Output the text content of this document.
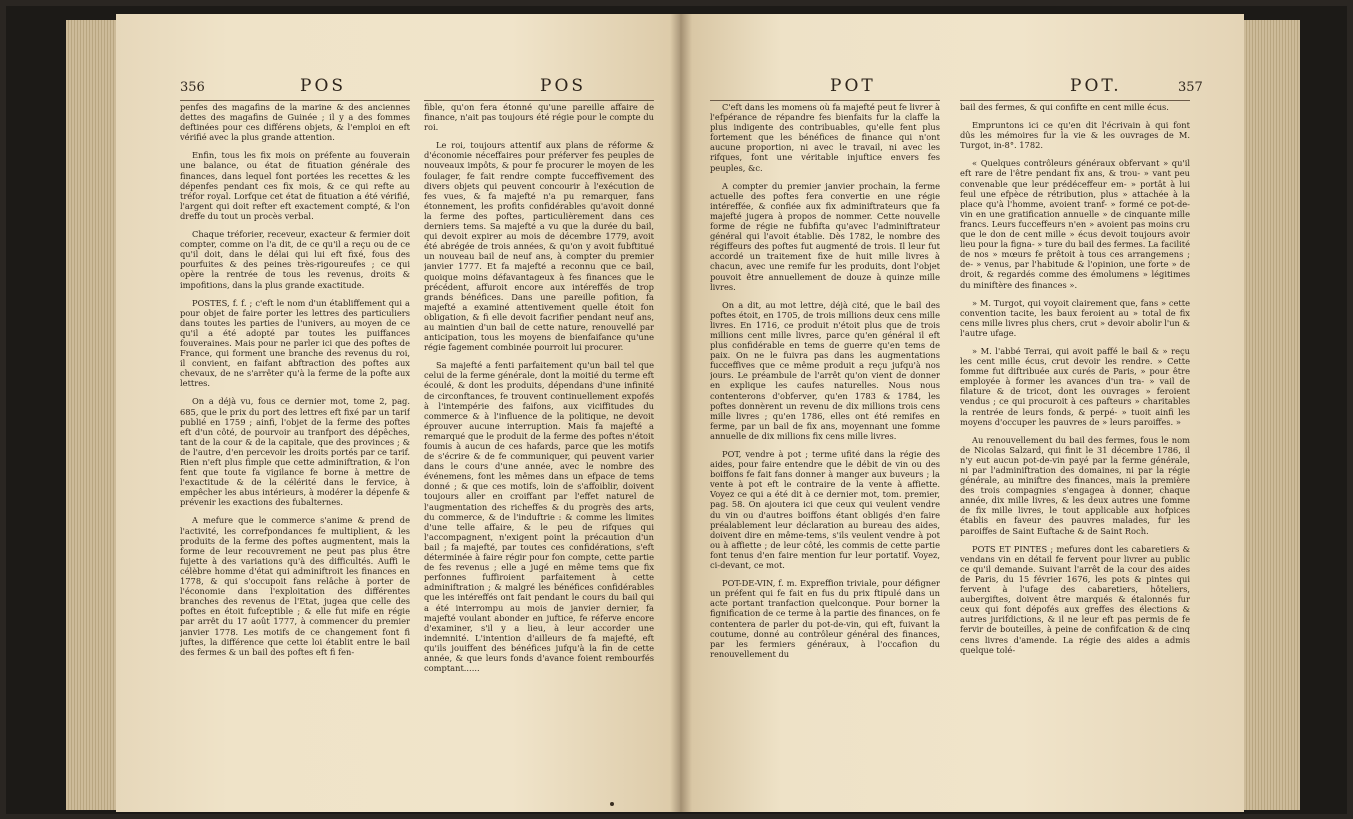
356	POS	POS

penfes des magafins de la marine & des anciennes dettes des magafins de Guinée ; il y a des fommes deftinées pour ces différens objets, & l'emploi en eft vérifié avec la plus grande attention.

Enfin, tous les fix mois on préfente au fouverain une balance, ou état de fituation générale des finances, dans lequel font portées les recettes & les dépenfes pendant ces fix mois, & ce qui refte au tréfor royal. Lorfque cet état de fituation a été vérifié, l'argent qui doit refter eft exactement compté, & l'on dreffe du tout un procès verbal.

Chaque tréforier, receveur, exacteur & fermier doit compter, comme on l'a dit, de ce qu'il a reçu ou de ce qu'il doit, dans le délai qui lui eft fixé, fous des pourfuites & des peines très-rigoureufes ; ce qui opère la rentrée de tous les revenus, droits & impofitions, dans la plus grande exactitude.

POSTES, f. f. ; c'eft le nom d'un établiffement qui a pour objet de faire porter les lettres des particuliers dans toutes les parties de l'univers, au moyen de ce qu'il a été adopté par toutes les puiffances fouveraines. Mais pour ne parler ici que des poftes de France, qui forment une branche des revenus du roi, il convient, en faifant abftraction des poftes aux chevaux, de ne s'arrêter qu'à la ferme de la pofte aux lettres.

On a déjà vu, fous ce dernier mot, tome 2, pag. 685, que le prix du port des lettres eft fixé par un tarif publié en 1759 ; ainfi, l'objet de la ferme des poftes eft d'un côté, de pourvoir au tranfport des dépêches, tant de la cour & de la capitale, que des provinces ; & de l'autre, d'en percevoir les droits portés par ce tarif. Rien n'eft plus fimple que cette adminiftration, & l'on fent que toute fa vigilance fe borne à mettre de l'exactitude & de la célérité dans le fervice, à empêcher les abus intérieurs, à modérer la dépenfe & prévenir les exactions des fubalternes.

A mefure que le commerce s'anime & prend de l'activité, les correfpondances fe multiplient, & les produits de la ferme des poftes augmentent, mais la forme de leur recouvrement ne peut pas plus être fujette à des variations qu'à des difficultés. Auffi le célèbre homme d'état qui adminiftroit les finances en 1778, & qui s'occupoit fans relâche à porter de l'économie dans l'exploitation des différentes branches des revenus de l'Etat, jugea que celle des poftes en étoit fufceptible ; & elle fut mife en régie par arrêt du 17 août 1777, à commencer du premier janvier 1778. Les motifs de ce changement font fi juftes, la différence que cette loi établit entre le bail des fermes & un bail des poftes eft fi fen-

fible, qu'on fera étonné qu'une pareille affaire de finance, n'ait pas toujours été régie pour le compte du roi.

Le roi, toujours attentif aux plans de réforme & d'économie néceffaires pour préferver fes peuples de nouveaux impôts, & pour fe procurer le moyen de les foulager, fe fait rendre compte fucceffivement des divers objets qui peuvent concourir à l'exécution de fes vues, & fa majefté n'a pu remarquer, fans étonnement, les profits confidérables qu'avoit donné la ferme des poftes, particulièrement dans ces derniers tems. Sa majefté a vu que la durée du bail, qui devoit expirer au mois de décembre 1779, avoit été abrégée de trois années, & qu'on y avoit fubftitué un nouveau bail de neuf ans, à compter du premier janvier 1777. Et fa majefté a reconnu que ce bail, quoique moins défavantageux à fes finances que le précédent, affuroit encore aux intéreffés de trop grands bénéfices. Dans une pareille pofition, fa majefté a examiné attentivement quelle étoit fon obligation, & fi elle devoit facrifier pendant neuf ans, au maintien d'un bail de cette nature, renouvellé par anticipation, tous les moyens de bienfaifance qu'une régie fagement combinée pourroit lui procurer.

Sa majefté a fenti parfaitement qu'un bail tel que celui de la ferme générale, dont la moitié du terme eft écoulé, & dont les produits, dépendans d'une infinité de circonftances, fe trouvent continuellement expofés à l'intempérie des faifons, aux viciffitudes du commerce & à l'influence de la politique, ne devoit éprouver aucune interruption. Mais fa majefté a remarqué que le produit de la ferme des poftes n'étoit foumis à aucun de ces hafards, parce que les motifs de s'écrire & de fe communiquer, qui peuvent varier dans le cours d'une année, avec le nombre des événemens, font les mêmes dans un efpace de tems donné ; & que ces motifs, loin de s'affoiblir, doivent toujours aller en croiffant par l'effet naturel de l'augmentation des richeffes & du progrès des arts, du commerce, & de l'induftrie : & comme les limites d'une telle affaire, & le peu de rifques qui l'accompagnent, n'exigent point la précaution d'un bail ; fa majefté, par toutes ces confidérations, s'eft déterminée à faire régir pour fon compte, cette partie de fes revenus ; elle a jugé en même tems que fix perfonnes fuffiroient parfaitement à cette adminiftration ; & malgré les bénéfices confidérables que les intéreffés ont fait pendant le cours du bail qui a été interrompu au mois de janvier dernier, fa majefté voulant abonder en juftice, fe réferve encore d'examiner, s'il y a lieu, à leur accorder une indemnité. L'intention d'ailleurs de fa majefté, eft qu'ils jouiffent des bénéfices jufqu'à la fin de cette année, & que leurs fonds d'avance foient rembourfés comptant......

POT	POT.	357

C'eft dans les momens où fa majefté peut fe livrer à l'efpérance de répandre fes bienfaits fur la claffe la plus indigente des contribuables, qu'elle fent plus fortement que les bénéfices de finance qui n'ont aucune proportion, ni avec le travail, ni avec les rifques, font une véritable injuftice envers fes peuples, &c.

A compter du premier janvier prochain, la ferme actuelle des poftes fera convertie en une régie intéreffée, & confiée aux fix adminiftrateurs que fa majefté jugera à propos de nommer. Cette nouvelle forme de régie ne fubfifta qu'avec l'adminiftrateur général qui l'avoit établie. Dès 1782, le nombre des régiffeurs des poftes fut augmenté de trois. Il leur fut accordé un traitement fixe de huit mille livres à chacun, avec une remife fur les produits, dont l'objet pouvoit être annuellement de douze à quinze mille livres.

On a dit, au mot lettre, déjà cité, que le bail des poftes étoit, en 1705, de trois millions deux cens mille livres. En 1716, ce produit n'étoit plus que de trois millions cent mille livres, parce qu'en général il eft plus confidérable en tems de guerre qu'en tems de paix. On ne le fuivra pas dans les augmentations fucceffives que ce même produit a reçu jufqu'à nos jours. Le préambule de l'arrêt qu'on vient de donner en explique les caufes naturelles. Nous nous contenterons d'obferver, qu'en 1783 & 1784, les poftes donnèrent un revenu de dix millions trois cens mille livres ; qu'en 1786, elles ont été remifes en ferme, par un bail de fix ans, moyennant une fomme annuelle de dix millions fix cens mille livres.

POT, vendre à pot ; terme ufité dans la régie des aides, pour faire entendre que le débit de vin ou des boiffons fe fait fans donner à manger aux buveurs ; la vente à pot eft le contraire de la vente à affiette. Voyez ce qui a été dit à ce dernier mot, tom. premier, pag. 58. On ajoutera ici que ceux qui veulent vendre du vin ou d'autres boiffons étant obligés d'en faire préalablement leur déclaration au bureau des aides, doivent dire en même-tems, s'ils veulent vendre à pot ou à affiette ; de leur côté, les commis de cette partie font tenus d'en faire mention fur leur portatif. Voyez, ci-devant, ce mot.

POT-DE-VIN, f. m. Expreffion triviale, pour défigner un préfent qui fe fait en fus du prix ftipulé dans un acte portant tranfaction quelconque. Pour borner la fignification de ce terme à la partie des finances, on fe contentera de parler du pot-de-vin, qui eft, fuivant la coutume, donné au contrôleur général des finances, par les fermiers généraux, à l'occafion du renouvellement du

bail des fermes, & qui confifte en cent mille écus.

Empruntons ici ce qu'en dit l'écrivain à qui font dûs les mémoires fur la vie & les ouvrages de M. Turgot, in-8°. 1782.

« Quelques contrôleurs généraux obfervant » qu'il eft rare de l'être pendant fix ans, & trou- » vant peu convenable que leur prédéceffeur em- » portât à lui feul une efpèce de rétribution, plus » attachée à la place qu'à l'homme, avoient tranf- » formé ce pot-de-vin en une gratification annuelle » de cinquante mille francs. Leurs fucceffeurs n'en » avoient pas moins cru que le don de cent mille » écus devoit toujours avoir lieu pour la figna- » ture du bail des fermes. La facilité de nos » mœurs fe prêtoit à tous ces arrangemens ; de- » venus, par l'habitude & l'opinion, une forte » de droit, & regardés comme des émolumens » légitimes du miniftère des finances ».

» M. Turgot, qui voyoit clairement que, fans » cette convention tacite, les baux feroient au » total de fix cens mille livres plus chers, crut » devoir abolir l'un & l'autre ufage.

» M. l'abbé Terrai, qui avoit paffé le bail & » reçu les cent mille écus, crut devoir les rendre. » Cette fomme fut diftribuée aux curés de Paris, » pour être employée à former les avances d'un tra- » vail de filature & de tricot, dont les ouvrages » feroient vendus ; ce qui procuroit à ces pafteurs » charitables la rentrée de leurs fonds, & perpé- » tuoit ainfi les moyens d'occuper les pauvres de » leurs paroiffes. »

Au renouvellement du bail des fermes, fous le nom de Nicolas Salzard, qui finit le 31 décembre 1786, il n'y eut aucun pot-de-vin payé par la ferme générale, ni par l'adminiftration des domaines, ni par la régie générale, au miniftre des finances, mais la première des trois compagnies s'engagea à donner, chaque année, dix mille livres, & les deux autres une fomme de fix mille livres, le tout applicable aux hofpices établis en faveur des pauvres malades, fur les paroiffes de Saint Euftache & de Saint Roch.

POTS ET PINTES ; mefures dont les cabaretiers & vendans vin en détail fe fervent pour livrer au public ce qu'il demande. Suivant l'arrêt de la cour des aides de Paris, du 15 février 1676, les pots & pintes qui fervent à l'ufage des cabaretiers, hôteliers, aubergiftes, doivent être marqués & étalonnés fur ceux qui font dépofés aux greffes des élections & autres jurifdictions, & il ne leur eft pas permis de fe fervir de bouteilles, à peine de confifcation & de cinq cens livres d'amende. La régie des aides a admis quelque tolé-
